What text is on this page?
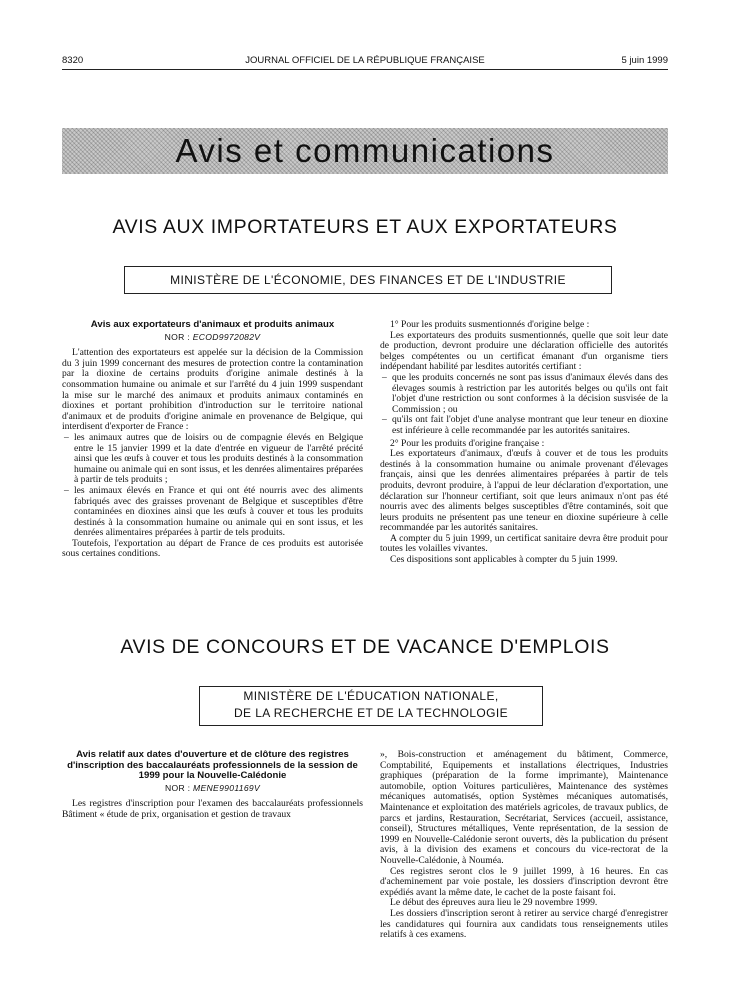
8320	JOURNAL OFFICIEL DE LA RÉPUBLIQUE FRANÇAISE	5 juin 1999
Avis et communications
AVIS AUX IMPORTATEURS ET AUX EXPORTATEURS
MINISTÈRE DE L'ÉCONOMIE, DES FINANCES ET DE L'INDUSTRIE
Avis aux exportateurs d'animaux et produits animaux
NOR : ECOD9972082V

L'attention des exportateurs est appelée sur la décision de la Commission du 3 juin 1999 concernant des mesures de protection contre la contamination par la dioxine de certains produits d'origine animale destinés à la consommation humaine ou animale et sur l'arrêté du 4 juin 1999 suspendant la mise sur le marché des animaux et produits animaux contaminés en dioxines et portant prohibition d'introduction sur le territoire national d'animaux et de produits d'origine animale en provenance de Belgique, qui interdisent d'exporter de France :

– les animaux autres que de loisirs ou de compagnie élevés en Belgique entre le 15 janvier 1999 et la date d'entrée en vigueur de l'arrêté précité ainsi que les œufs à couver et tous les produits destinés à la consommation humaine ou animale qui en sont issus, et les denrées alimentaires préparées à partir de tels produits ;
– les animaux élevés en France et qui ont été nourris avec des aliments fabriqués avec des graisses provenant de Belgique et susceptibles d'être contaminées en dioxines ainsi que les œufs à couver et tous les produits destinés à la consommation humaine ou animale qui en sont issus, et les denrées alimentaires préparées à partir de tels produits.

Toutefois, l'exportation au départ de France de ces produits est autorisée sous certaines conditions.

1° Pour les produits susmentionnés d'origine belge :

Les exportateurs des produits susmentionnés, quelle que soit leur date de production, devront produire une déclaration officielle des autorités belges compétentes ou un certificat émanant d'un organisme tiers indépendant habilité par lesdites autorités certifiant :

– que les produits concernés ne sont pas issus d'animaux élevés dans des élevages soumis à restriction par les autorités belges ou qu'ils ont fait l'objet d'une restriction ou sont conformes à la décision susvisée de la Commission ; ou
– qu'ils ont fait l'objet d'une analyse montrant que leur teneur en dioxine est inférieure à celle recommandée par les autorités sanitaires.

2° Pour les produits d'origine française :

Les exportateurs d'animaux, d'œufs à couver et de tous les produits destinés à la consommation humaine ou animale provenant d'élevages français, ainsi que les denrées alimentaires préparées à partir de tels produits, devront produire, à l'appui de leur déclaration d'exportation, une déclaration sur l'honneur certifiant, soit que leurs animaux n'ont pas été nourris avec des aliments belges susceptibles d'être contaminés, soit que leurs produits ne présentent pas une teneur en dioxine supérieure à celle recommandée par les autorités sanitaires.

A compter du 5 juin 1999, un certificat sanitaire devra être produit pour toutes les volailles vivantes.

Ces dispositions sont applicables à compter du 5 juin 1999.

AVIS DE CONCOURS ET DE VACANCE D'EMPLOIS
MINISTÈRE DE L'ÉDUCATION NATIONALE,
DE LA RECHERCHE ET DE LA TECHNOLOGIE
Avis relatif aux dates d'ouverture et de clôture des registres d'inscription des baccalauréats professionnels de la session de 1999 pour la Nouvelle-Calédonie
NOR : MENE9901169V

Les registres d'inscription pour l'examen des baccalauréats professionnels Bâtiment « étude de prix, organisation et gestion de travaux

», Bois-construction et aménagement du bâtiment, Commerce, Comptabilité, Equipements et installations électriques, Industries graphiques (préparation de la forme imprimante), Maintenance automobile, option Voitures particulières, Maintenance des systèmes mécaniques automatisés, option Systèmes mécaniques automatisés, Maintenance et exploitation des matériels agricoles, de travaux publics, de parcs et jardins, Restauration, Secrétariat, Services (accueil, assistance, conseil), Structures métalliques, Vente représentation, de la session de 1999 en Nouvelle-Calédonie seront ouverts, dès la publication du présent avis, à la division des examens et concours du vice-rectorat de la Nouvelle-Calédonie, à Nouméa.

Ces registres seront clos le 9 juillet 1999, à 16 heures. En cas d'acheminement par voie postale, les dossiers d'inscription devront être expédiés avant la même date, le cachet de la poste faisant foi.

Le début des épreuves aura lieu le 29 novembre 1999.

Les dossiers d'inscription seront à retirer au service chargé d'enregistrer les candidatures qui fournira aux candidats tous renseignements utiles relatifs à ces examens.
